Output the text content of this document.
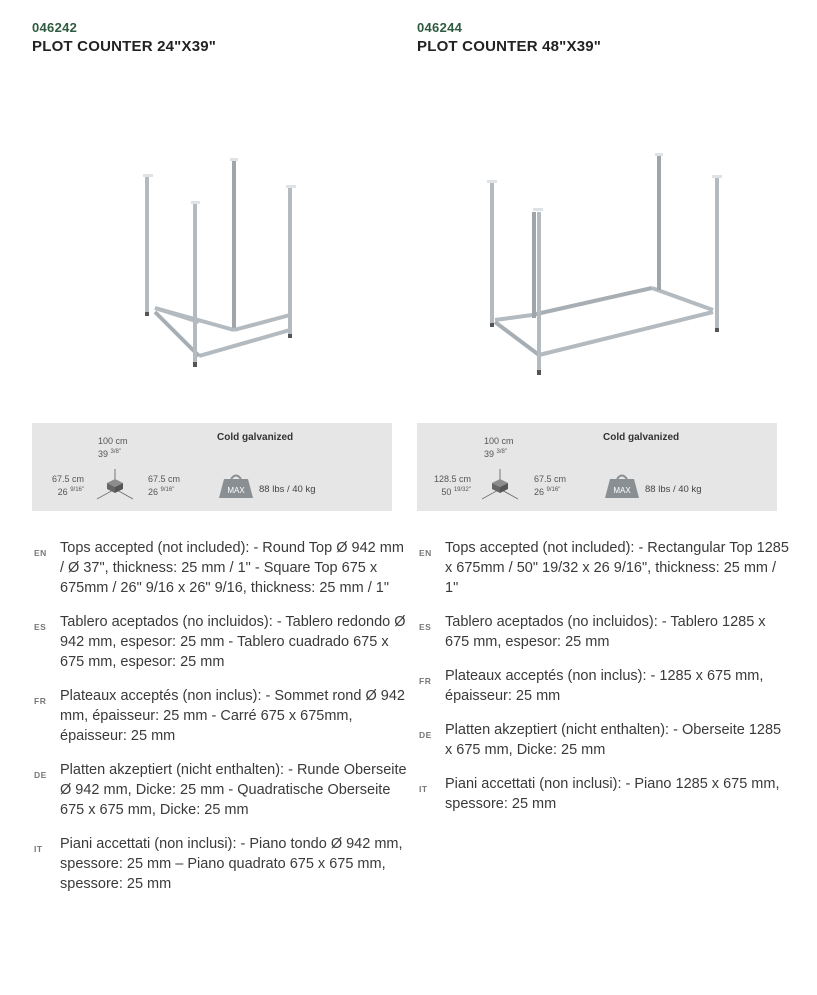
046242
PLOT COUNTER 24"X39"
Cold galvanized
100 cm
39 $^{3/8"}$
67.5 cm
26 $^{9/16"}$
67.5 cm
26 $^{9/16"}$	MAX 88 lbs / 40 kg
EN Tops accepted (not included): - Round Top Ø 942 mm / Ø 37", thickness: 25 mm / 1" - Square Top 675 x 675mm / 26" 9/16 x 26" 9/16, thickness: 25 mm / 1"
ES Tablero aceptados (no incluidos): - Tablero redondo Ø 942 mm, espesor: 25 mm - Tablero cuadrado 675 x 675 mm, espesor: 25 mm
FR Plateaux acceptés (non inclus): - Sommet rond Ø 942 mm, épaisseur: 25 mm - Carré 675 x 675mm, épaisseur: 25 mm
DE Platten akzeptiert (nicht enthalten): - Runde Oberseite Ø 942 mm, Dicke: 25 mm - Quadratische Oberseite 675 x 675 mm, Dicke: 25 mm
IT Piani accettati (non inclusi): - Piano tondo Ø 942 mm, spessore: 25 mm – Piano quadrato 675 x 675 mm, spessore: 25 mm
046244
PLOT COUNTER 48"X39"
Cold galvanized
100 cm
39 $^{3/8"}$
128.5 cm
50 $^{19/32"}$
67.5 cm
26 $^{9/16"}$	MAX 88 lbs / 40 kg
EN Tops accepted (not included): - Rectangular Top 1285 x 675mm / 50" 19/32 x 26 9/16", thickness: 25 mm / 1"
ES Tablero aceptados (no incluidos): - Tablero 1285 x 675 mm, espesor: 25 mm
FR Plateaux acceptés (non inclus): - 1285 x 675 mm, épaisseur: 25 mm
DE Platten akzeptiert (nicht enthalten): - Oberseite 1285 x 675 mm, Dicke: 25 mm
IT Piani accettati (non inclusi): - Piano 1285 x 675 mm, spessore: 25 mm
